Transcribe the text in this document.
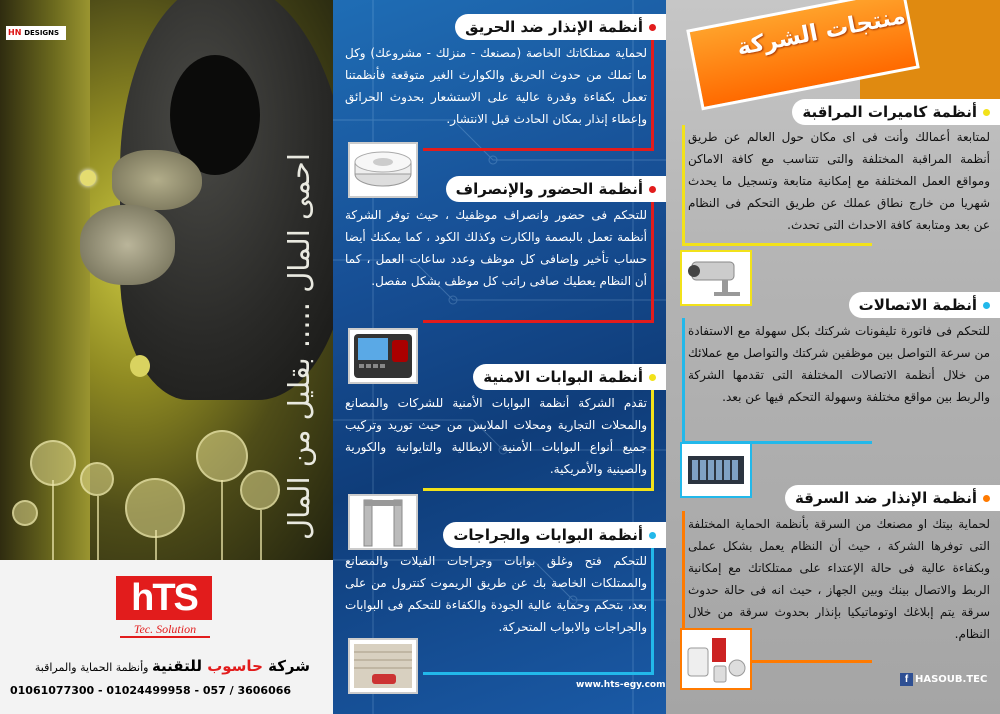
HN DESIGNS
احمى المال ..... بقليل من المال
hTS
Tec. Solution
شركة حاسوب للتقنية وأنظمة الحماية والمراقبة
01061077300 - 01024499958 - 057 / 3606066
أنظمة الإنذار ضد الحريق
لحماية ممتلكاتك الخاصة (مصنعك - منزلك - مشروعك) وكل ما تملك من حدوث الحريق والكوارث الغير متوقعة فأنظمتنا تعمل بكفاءة وقدرة عالية على الاستشعار بحدوث الحرائق وإعطاء إنذار بمكان الحادث قبل الانتشار.
أنظمة الحضور والإنصراف
للتحكم فى حضور وانصراف موظفيك ، حيث توفر الشركة أنظمة تعمل بالبصمة والكارت وكذلك الكود ، كما يمكنك أيضا حساب تأخير وإضافى كل موظف وعدد ساعات العمل ، كما أن النظام يعطيك صافى راتب كل موظف بشكل مفصل.
أنظمة البوابات الامنية
تقدم الشركة أنظمة البوابات الأمنية للشركات والمصانع والمحلات التجارية ومحلات الملابس من حيث توريد وتركيب جميع أنواع البوابات الأمنية الايطالية والتايوانية والكورية والصينية والأمريكية.
أنظمة البوابات والجراجات
للتحكم فتح وغلق بوابات وجراجات الفيلات والمصانع والممتلكات الخاصة بك عن طريق الريموت كنترول من على بعد، بتحكم وحماية عالية الجودة والكفاءة للتحكم فى البوابات والجراجات والابواب المتحركة.
www.hts-egy.com
منتجات الشركة
أنظمة كاميرات المراقبة
لمتابعة أعمالك وأنت فى اى مكان حول العالم عن طريق أنظمة المراقبة المختلفة والتى تتناسب مع كافة الاماكن ومواقع العمل المختلفة مع إمكانية متابعة وتسجيل ما يحدث شهريا من خارج نطاق عملك عن طريق التحكم فى النظام عن بعد ومتابعة كافة الاحداث التى تحدث.
أنظمة الاتصالات
للتحكم فى فاتورة تليفونات شركتك بكل سهولة مع الاستفادة من سرعة التواصل بين موظفين شركتك والتواصل مع عملائك من خلال أنظمة الاتصالات المختلفة التى تقدمها الشركة والربط بين مواقع مختلفة وسهولة التحكم فيها عن بعد.
أنظمة الإنذار ضد السرقة
لحماية بيتك او مصنعك من السرقة بأنظمة الحماية المختلفة التى توفرها الشركة ، حيث أن النظام يعمل بشكل عملى وبكفاءة عالية فى حالة الإعتداء على ممتلكاتك مع إمكانية الربط والاتصال بينك وبين الجهاز ، حيث انه فى حالة حدوث سرقة يتم إبلاغك اوتوماتيكيا بإنذار بحدوث سرقة من خلال النظام.
f HASOUB.TEC
